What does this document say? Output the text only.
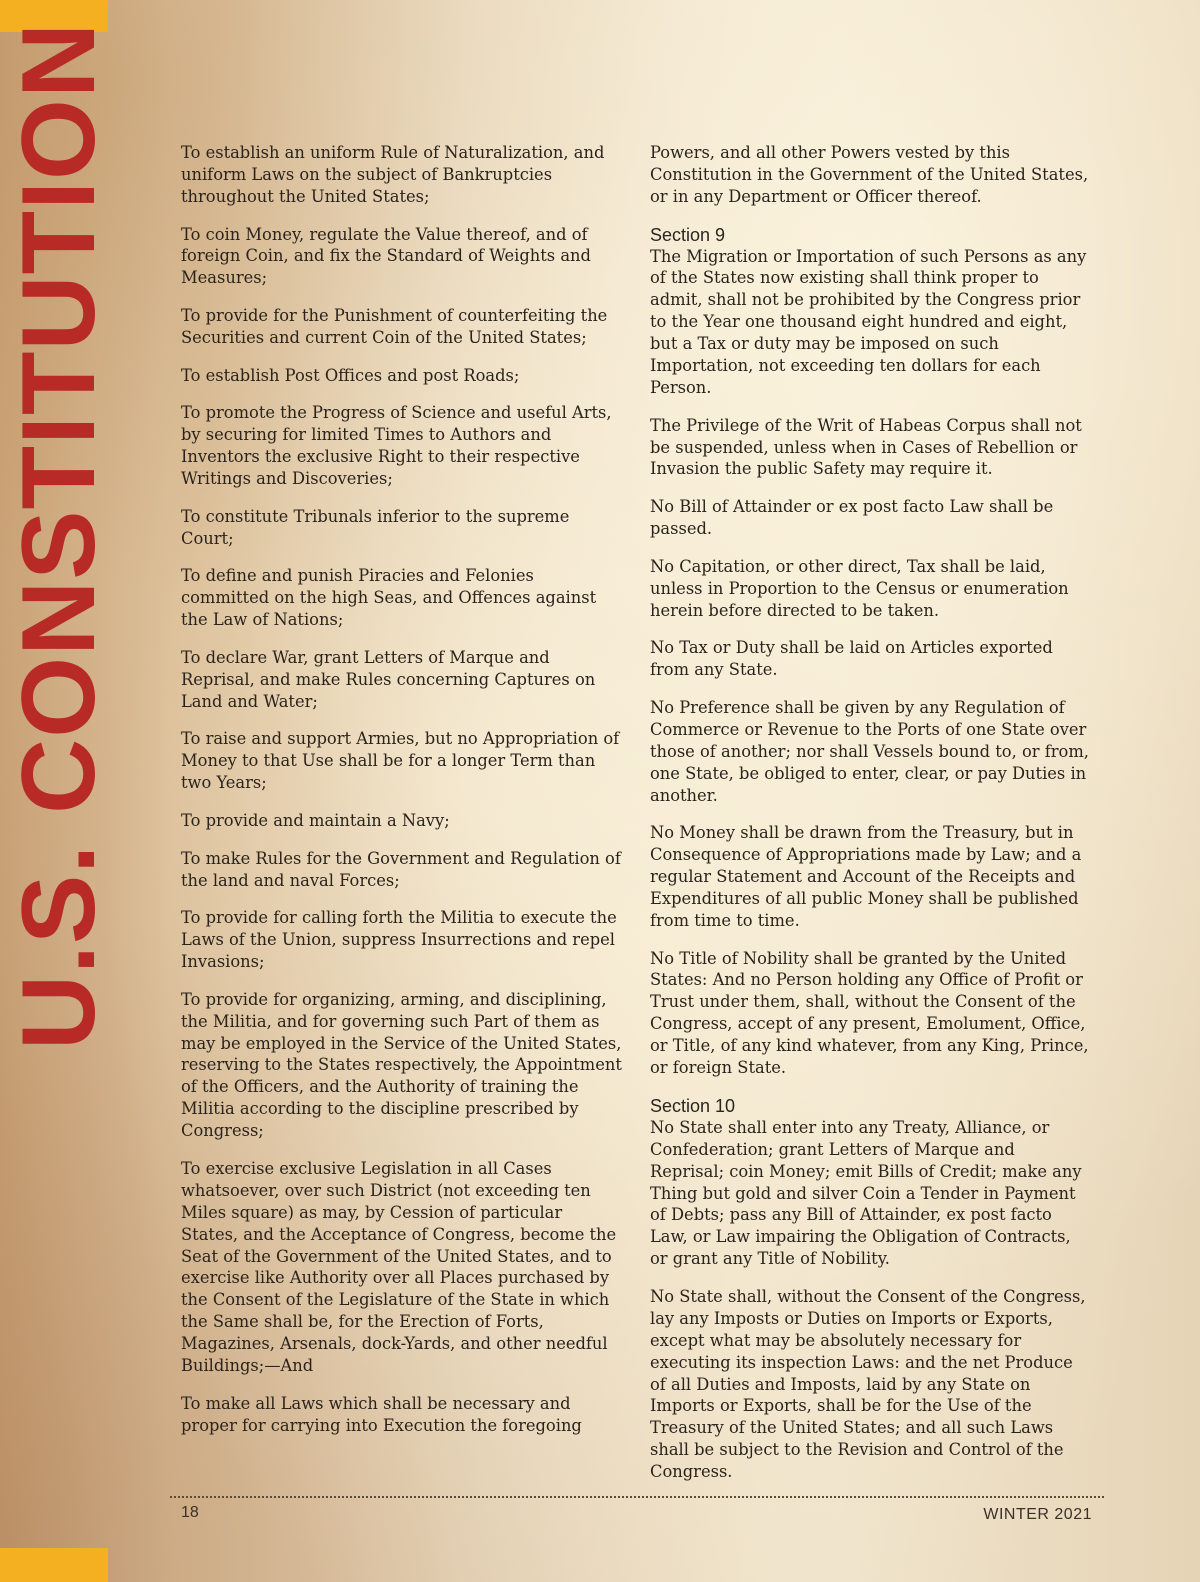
U.S. CONSTITUTION	To establish an uniform Rule of Naturalization, and uniform Laws on the subject of Bankruptcies throughout the United States;

To coin Money, regulate the Value thereof, and of foreign Coin, and fix the Standard of Weights and Measures;

To provide for the Punishment of counterfeiting the Securities and current Coin of the United States;

To establish Post Offices and post Roads;

To promote the Progress of Science and useful Arts, by securing for limited Times to Authors and Inventors the exclusive Right to their respective Writings and Discoveries;

To constitute Tribunals inferior to the supreme Court;

To define and punish Piracies and Felonies committed on the high Seas, and Offences against the Law of Nations;

To declare War, grant Letters of Marque and Reprisal, and make Rules concerning Captures on Land and Water;

To raise and support Armies, but no Appropriation of Money to that Use shall be for a longer Term than two Years;

To provide and maintain a Navy;

To make Rules for the Government and Regulation of the land and naval Forces;

To provide for calling forth the Militia to execute the Laws of the Union, suppress Insurrections and repel Invasions;

To provide for organizing, arming, and disciplining, the Militia, and for governing such Part of them as may be employed in the Service of the United States, reserving to the States respectively, the Appointment of the Officers, and the Authority of training the Militia according to the discipline prescribed by Congress;

To exercise exclusive Legislation in all Cases whatsoever, over such District (not exceeding ten Miles square) as may, by Cession of particular States, and the Acceptance of Congress, become the Seat of the Government of the United States, and to exercise like Authority over all Places purchased by the Consent of the Legislature of the State in which the Same shall be, for the Erection of Forts, Magazines, Arsenals, dock-Yards, and other needful Buildings;—And

To make all Laws which shall be necessary and proper for carrying into Execution the foregoing

Powers, and all other Powers vested by this Constitution in the Government of the United States, or in any Department or Officer thereof.

Section 9

The Migration or Importation of such Persons as any of the States now existing shall think proper to admit, shall not be prohibited by the Congress prior to the Year one thousand eight hundred and eight, but a Tax or duty may be imposed on such Importation, not exceeding ten dollars for each Person.

The Privilege of the Writ of Habeas Corpus shall not be suspended, unless when in Cases of Rebellion or Invasion the public Safety may require it.

No Bill of Attainder or ex post facto Law shall be passed.

No Capitation, or other direct, Tax shall be laid, unless in Proportion to the Census or enumeration herein before directed to be taken.

No Tax or Duty shall be laid on Articles exported from any State.

No Preference shall be given by any Regulation of Commerce or Revenue to the Ports of one State over those of another; nor shall Vessels bound to, or from, one State, be obliged to enter, clear, or pay Duties in another.

No Money shall be drawn from the Treasury, but in Consequence of Appropriations made by Law; and a regular Statement and Account of the Receipts and Expenditures of all public Money shall be published from time to time.

No Title of Nobility shall be granted by the United States: And no Person holding any Office of Profit or Trust under them, shall, without the Consent of the Congress, accept of any present, Emolument, Office, or Title, of any kind whatever, from any King, Prince, or foreign State.

Section 10

No State shall enter into any Treaty, Alliance, or Confederation; grant Letters of Marque and Reprisal; coin Money; emit Bills of Credit; make any Thing but gold and silver Coin a Tender in Payment of Debts; pass any Bill of Attainder, ex post facto Law, or Law impairing the Obligation of Contracts, or grant any Title of Nobility.

No State shall, without the Consent of the Congress, lay any Imposts or Duties on Imports or Exports, except what may be absolutely necessary for executing its inspection Laws: and the net Produce of all Duties and Imposts, laid by any State on Imports or Exports, shall be for the Use of the Treasury of the United States; and all such Laws shall be subject to the Revision and Control of the Congress.

18	WINTER 2021
